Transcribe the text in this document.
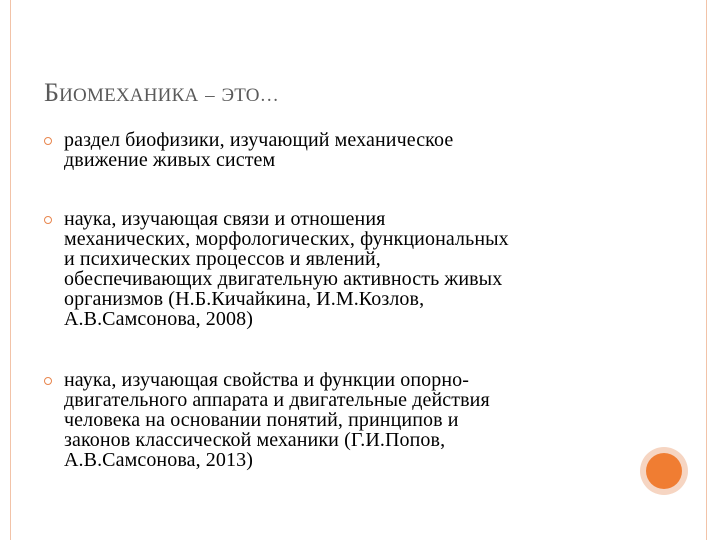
БИОМЕХАНИКА – ЭТО…
раздел биофизики, изучающий механическое
движение живых систем
наука, изучающая связи и отношения
механических, морфологических, функциональных
и психических процессов и явлений,
обеспечивающих двигательную активность живых
организмов (Н.Б.Кичайкина, И.М.Козлов,
А.В.Самсонова, 2008)
наука, изучающая свойства и функции опорно-
двигательного аппарата и двигательные действия
человека на основании понятий, принципов и
законов классической механики (Г.И.Попов,
А.В.Самсонова, 2013)
